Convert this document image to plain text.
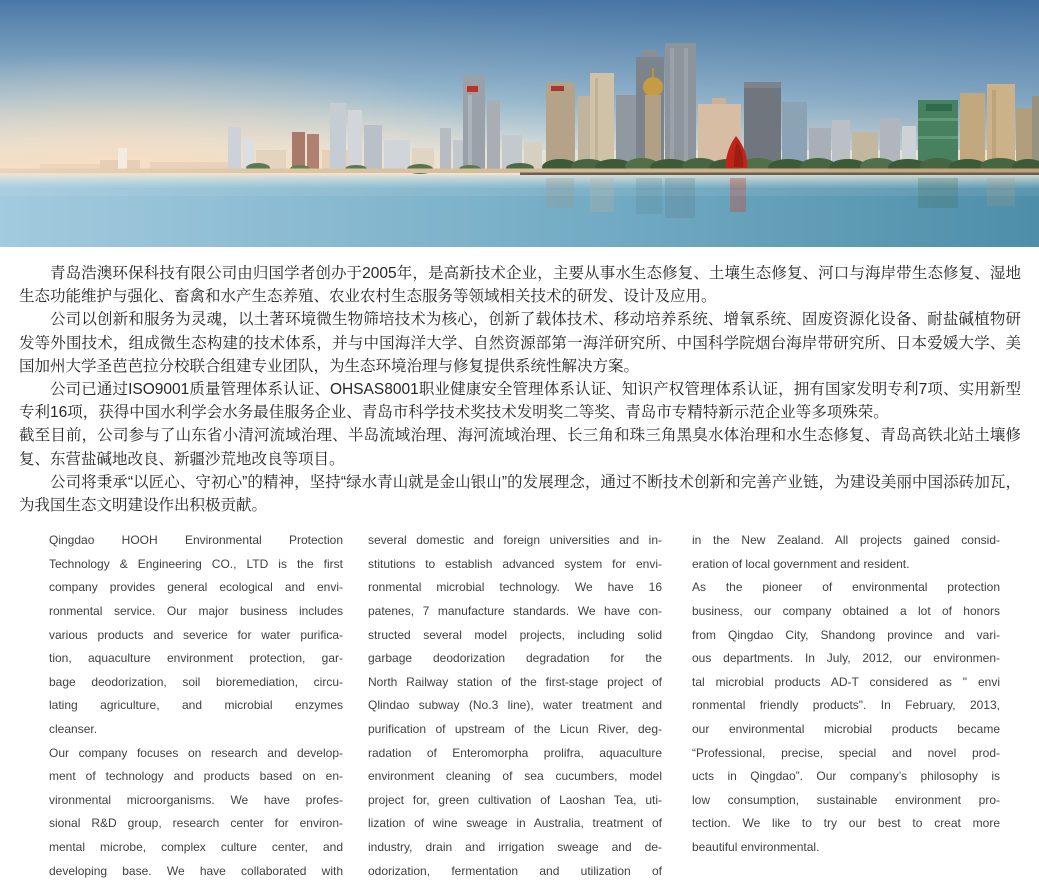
青岛浩澳环保科技有限公司由归国学者创办于2005年，是高新技术企业，主要从事水生态修复、土壤生态修复、河口与海岸带生态修复、湿地生态功能维护与强化、畜禽和水产生态养殖、农业农村生态服务等领域相关技术的研发、设计及应用。

公司以创新和服务为灵魂，以土著环境微生物筛培技术为核心，创新了载体技术、移动培养系统、增氧系统、固废资源化设备、耐盐碱植物研发等外围技术，组成微生态构建的技术体系，并与中国海洋大学、自然资源部第一海洋研究所、中国科学院烟台海岸带研究所、日本爱媛大学、美国加州大学圣芭芭拉分校联合组建专业团队，为生态环境治理与修复提供系统性解决方案。

公司已通过ISO9001质量管理体系认证、OHSAS8001职业健康安全管理体系认证、知识产权管理体系认证，拥有国家发明专利7项、实用新型专利16项，获得中国水利学会水务最佳服务企业、青岛市科学技术奖技术发明奖二等奖、青岛市专精特新示范企业等多项殊荣。

截至目前，公司参与了山东省小清河流域治理、半岛流域治理、海河流域治理、长三角和珠三角黑臭水体治理和水生态修复、青岛高铁北站土壤修复、东营盐碱地改良、新疆沙荒地改良等项目。

公司将秉承“以匠心、守初心”的精神，坚持“绿水青山就是金山银山”的发展理念，通过不断技术创新和完善产业链，为建设美丽中国添砖加瓦，为我国生态文明建设作出积极贡献。

Qingdao HOOH Environmental Protection
Technology & Engineering CO., LTD is the first
company provides general ecological and envi-
ronmental service. Our major business includes
various products and severice for water purifica-
tion, aquaculture environment protection, gar-
bage deodorization, soil bioremediation, circu-
lating agriculture, and microbial enzymes
cleanser.
Our company focuses on research and develop-
ment of technology and products based on en-
vironmental microorganisms. We have profes-
sional R&D group, research center for environ-
mental microbe, complex culture center, and
developing base. We have collaborated with
several domestic and foreign universities and in-
stitutions to establish advanced system for envi-
ronmental microbial technology. We have 16
patenes, 7 manufacture standards. We have con-
structed several model projects, including solid
garbage deodorization degradation for the
North Railway station of the first-stage project of
Qlindao subway (No.3 line), water treatment and
purification of upstream of the Licun River, deg-
radation of Enteromorpha prolifra, aquaculture
environment cleaning of sea cucumbers, model
project for, green cultivation of Laoshan Tea, uti-
lization of wine sweage in Australia, treatment of
industry, drain and irrigation sweage and de-
odorization, fermentation and utilization of
in the New Zealand. All projects gained consid-
eration of local government and resident.
As the pioneer of environmental protection
business, our company obtained a lot of honors
from Qingdao City, Shandong province and vari-
ous departments. In July, 2012, our environmen-
tal microbial products AD-T considered as " envi
ronmental friendly products". In February, 2013,
our environmental microbial products became
“Professional, precise, special and novel prod-
ucts in Qingdao”. Our company’s philosophy is
low consumption, sustainable environment pro-
tection. We like to try our best to creat more
beautiful environmental.
